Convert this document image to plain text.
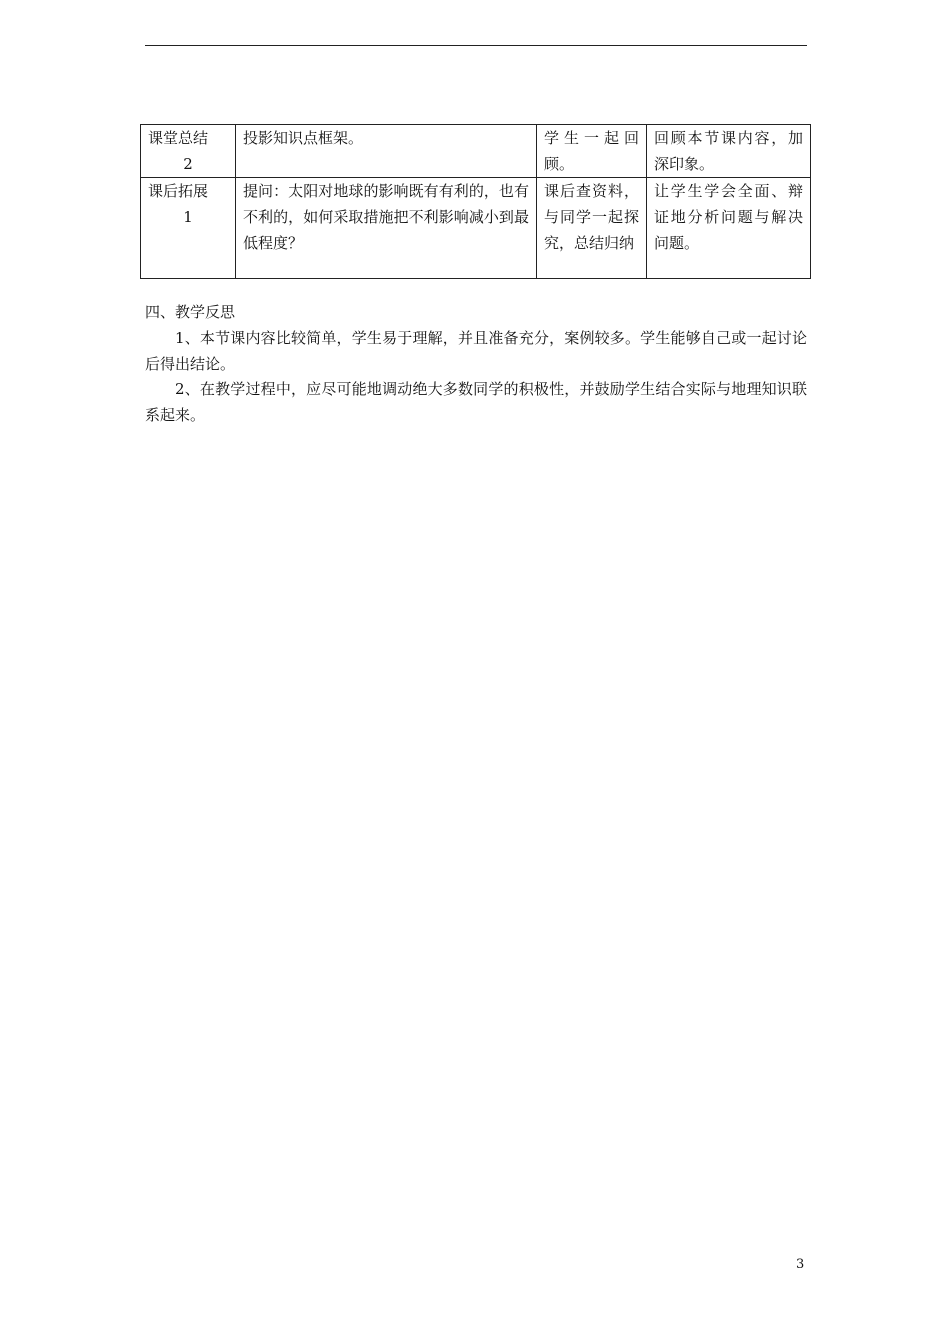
课堂总结
2	投影知识点框架。	学生一起回顾。	回顾本节课内容，加深印象。

课后拓展
1	提问：太阳对地球的影响既有有利的，也有不利的，如何采取措施把不利影响减小到最低程度？	课后查资料，与同学一起探究，总结归纳	让学生学会全面、辩证地分析问题与解决问题。
四、教学反思
1、本节课内容比较简单，学生易于理解，并且准备充分，案例较多。学生能够自己或一起讨论后得出结论。
2、在教学过程中，应尽可能地调动绝大多数同学的积极性，并鼓励学生结合实际与地理知识联系起来。
3
